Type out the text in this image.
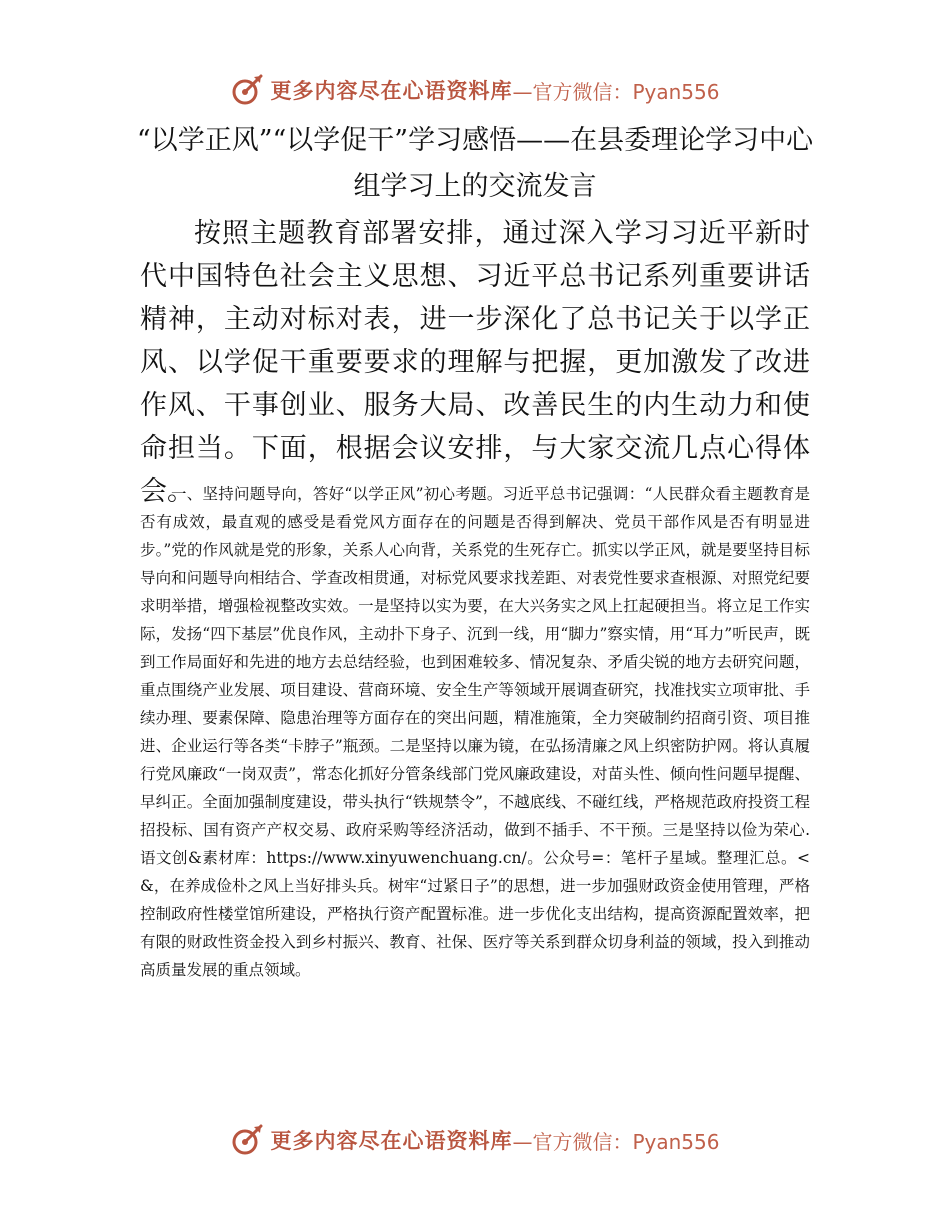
更多内容尽在心语资料库 —官方微信：Pyan556
“以学正风”“以学促干”学习感悟——在县委理论学习中心组学习上的交流发言

按照主题教育部署安排，通过深入学习习近平新时代中国特色社会主义思想、习近平总书记系列重要讲话精神，主动对标对表，进一步深化了总书记关于以学正风、以学促干重要要求的理解与把握，更加激发了改进作风、干事创业、服务大局、改善民生的内生动力和使命担当。下面，根据会议安排，与大家交流几点心得体会。

一、坚持问题导向，答好“以学正风”初心考题。习近平总书记强调：“人民群众看主题教育是否有成效，最直观的感受是看党风方面存在的问题是否得到解决、党员干部作风是否有明显进步。”党的作风就是党的形象，关系人心向背，关系党的生死存亡。抓实以学正风，就是要坚持目标导向和问题导向相结合、学查改相贯通，对标党风要求找差距、对表党性要求查根源、对照党纪要求明举措，增强检视整改实效。一是坚持以实为要，在大兴务实之风上扛起硬担当。将立足工作实际，发扬“四下基层”优良作风，主动扑下身子、沉到一线，用“脚力”察实情，用“耳力”听民声，既到工作局面好和先进的地方去总结经验，也到困难较多、情况复杂、矛盾尖锐的地方去研究问题，重点围绕产业发展、项目建设、营商环境、安全生产等领域开展调查研究，找准找实立项审批、手续办理、要素保障、隐患治理等方面存在的突出问题，精准施策，全力突破制约招商引资、项目推进、企业运行等各类“卡脖子”瓶颈。二是坚持以廉为镜，在弘扬清廉之风上织密防护网。将认真履行党风廉政“一岗双责”，常态化抓好分管条线部门党风廉政建设，对苗头性、倾向性问题早提醒、早纠正。全面加强制度建设，带头执行“铁规禁令”，不越底线、不碰红线，严格规范政府投资工程招投标、国有资产产权交易、政府采购等经济活动，做到不插手、不干预。三是坚持以俭为荣心.语文创&素材库：https://www.xinyuwenchuang.cn/。公众号=：笔杆子星域。整理汇总。<&，在养成俭朴之风上当好排头兵。树牢“过紧日子”的思想，进一步加强财政资金使用管理，严格控制政府性楼堂馆所建设，严格执行资产配置标准。进一步优化支出结构，提高资源配置效率，把有限的财政性资金投入到乡村振兴、教育、社保、医疗等关系到群众切身利益的领域，投入到推动高质量发展的重点领域。

更多内容尽在心语资料库 —官方微信：Pyan556
